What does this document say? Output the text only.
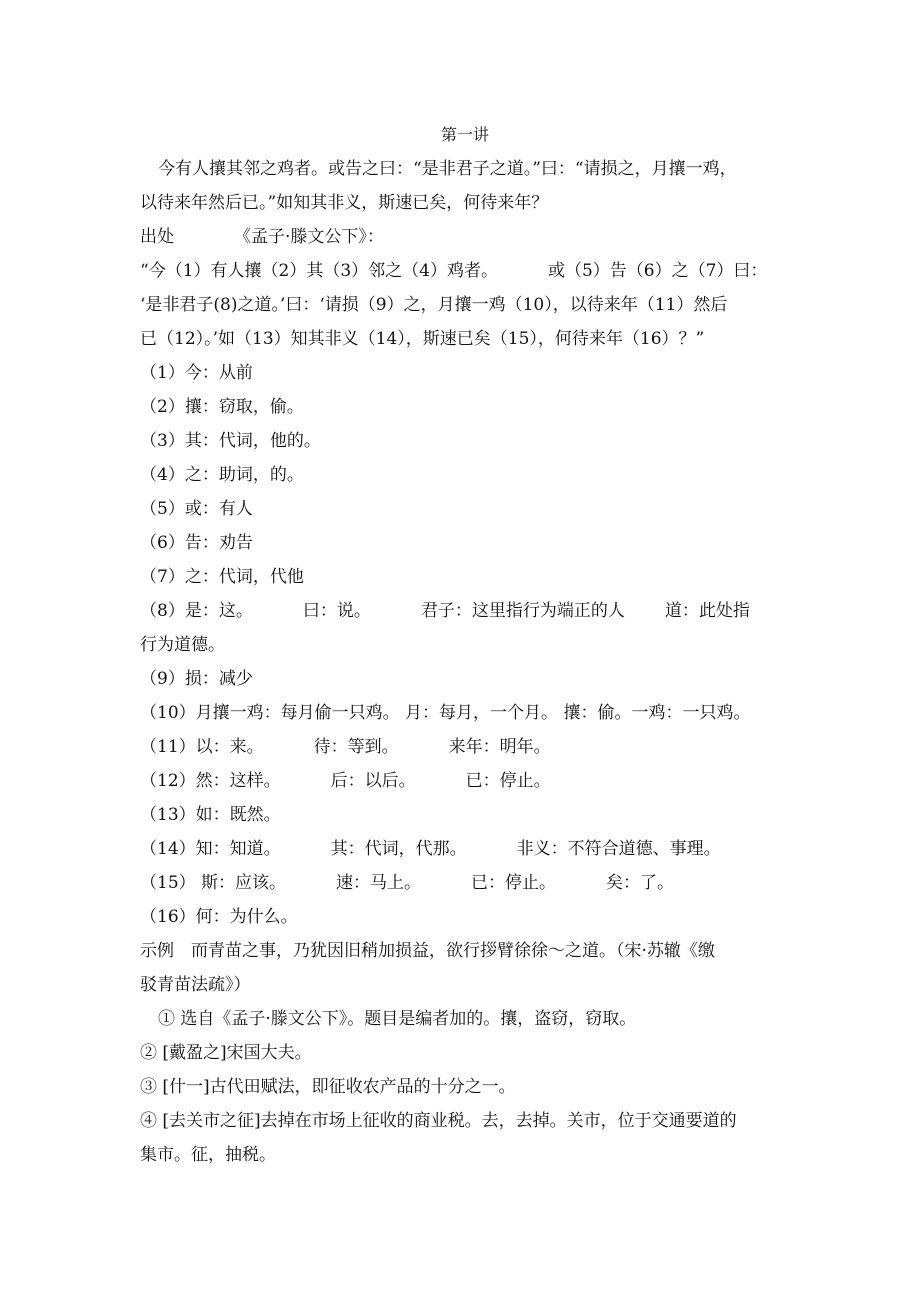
第一讲
今有人攘其邻之鸡者。或告之曰：“是非君子之道。”曰：“请损之，月攘一鸡，
以待来年然后已。”如知其非义，斯速已矣，何待来年？
出处	《孟子·滕文公下》：
“今（1）有人攘（2）其（3）邻之（4）鸡者。	或（5）告（6）之（7）曰：
‘是非君子(8)之道。’曰：‘请损（9）之，月攘一鸡（10），以待来年（11）然后
已（12）。’如（13）知其非义（14），斯速已矣（15），何待来年（16）？”
（1）今：从前
（2）攘：窃取，偷。
（3）其：代词，他的。
（4）之：助词，的。
（5）或：有人
（6）告：劝告
（7）之：代词，代他
（8）是：这。	曰：说。	君子：这里指行为端正的人 道：此处指
行为道德。
（9）损：减少
（10）月攘一鸡：每月偷一只鸡。 月：每月，一个月。 攘：偷。一鸡：一只鸡。
（11）以：来。	待：等到。	来年：明年。
（12）然：这样。	后：以后。	已：停止。
（13）如：既然。
（14）知：知道。	其：代词，代那。	非义：不符合道德、事理。
（15） 斯：应该。	速：马上。	已：停止。	矣：了。
（16）何：为什么。
示例　而青苗之事，乃犹因旧稍加损益，欲行拶臂徐徐～之道。（宋·苏辙《缴
驳青苗法疏》）
① 选自《孟子·滕文公下》。题目是编者加的。攘，盗窃，窃取。
② [戴盈之]宋国大夫。
③ [什一]古代田赋法，即征收农产品的十分之一。
④ [去关市之征]去掉在市场上征收的商业税。去，去掉。关市，位于交通要道的
集市。征，抽税。
